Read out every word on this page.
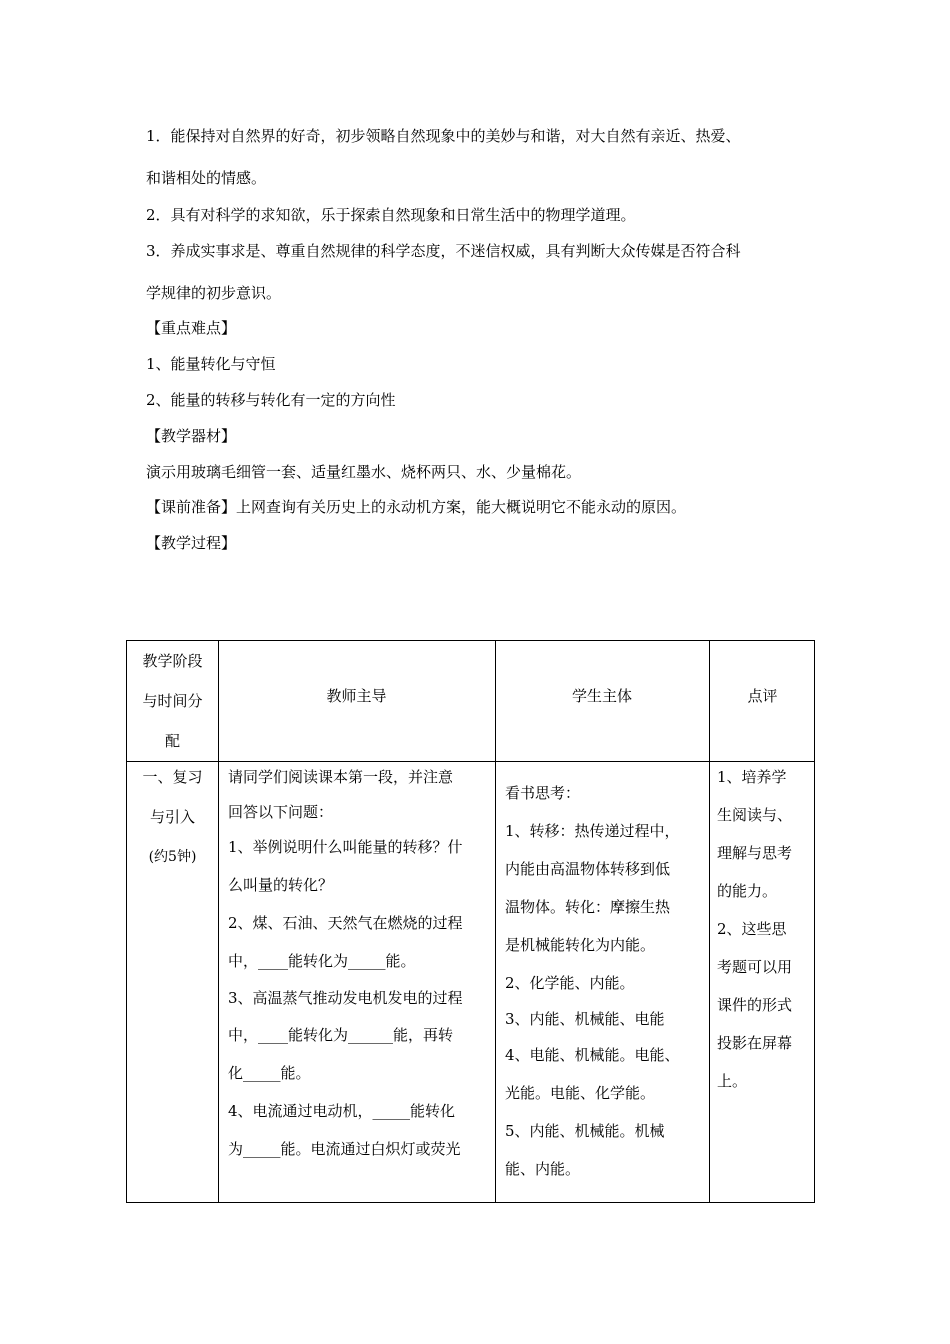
1．能保持对自然界的好奇，初步领略自然现象中的美妙与和谐，对大自然有亲近、热爱、
和谐相处的情感。
2．具有对科学的求知欲，乐于探索自然现象和日常生活中的物理学道理。
3．养成实事求是、尊重自然规律的科学态度，不迷信权威，具有判断大众传媒是否符合科
学规律的初步意识。
【重点难点】
1、能量转化与守恒
2、能量的转移与转化有一定的方向性
【教学器材】
演示用玻璃毛细管一套、适量红墨水、烧杯两只、水、少量棉花。
【课前准备】上网查询有关历史上的永动机方案，能大概说明它不能永动的原因。
【教学过程】
教学阶段
与时间分
配
教师主导	学生主体	点评
一、复习
与引入
(约5钟)
请同学们阅读课本第一段，并注意
回答以下问题：
1、举例说明什么叫能量的转移？什
么叫量的转化？
2、煤、石油、天然气在燃烧的过程
中，____能转化为_____能。
3、高温蒸气推动发电机发电的过程
中，____能转化为______能，再转
化_____能。
4、电流通过电动机，_____能转化
为_____能。电流通过白炽灯或荧光
看书思考：
1、转移：热传递过程中，
内能由高温物体转移到低
温物体。转化：摩擦生热
是机械能转化为内能。
2、化学能、内能。
3、内能、机械能、电能
4、电能、机械能。电能、
光能。电能、化学能。
5、内能、机械能。机械
能、内能。
1、培养学
生阅读与、
理解与思考
的能力。
2、这些思
考题可以用
课件的形式
投影在屏幕
上。
